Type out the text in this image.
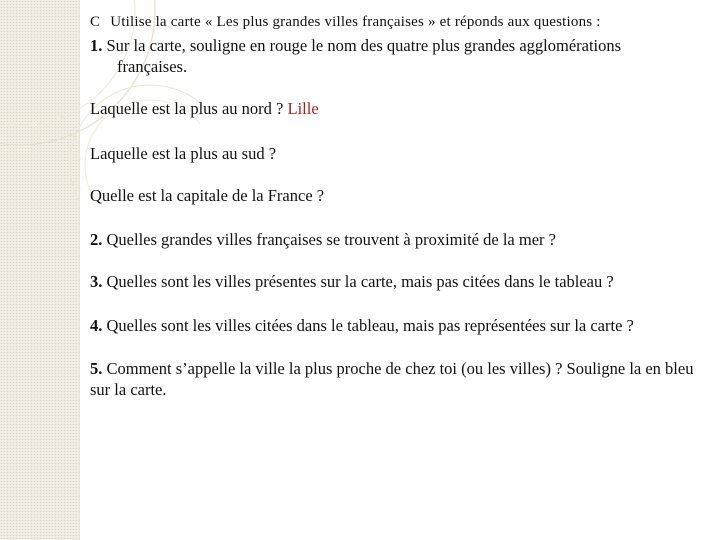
C Utilise la carte « Les plus grandes villes françaises » et réponds aux questions :
1. Sur la carte, souligne en rouge le nom des quatre plus grandes agglomérations
françaises.
Laquelle est la plus au nord ? Lille
Laquelle est la plus au sud ?
Quelle est la capitale de la France ?
2. Quelles grandes villes françaises se trouvent à proximité de la mer ?
3. Quelles sont les villes présentes sur la carte, mais pas citées dans le tableau ?
4. Quelles sont les villes citées dans le tableau, mais pas représentées sur la carte ?
5. Comment s’appelle la ville la plus proche de chez toi (ou les villes) ? Souligne la en bleu sur la carte.
